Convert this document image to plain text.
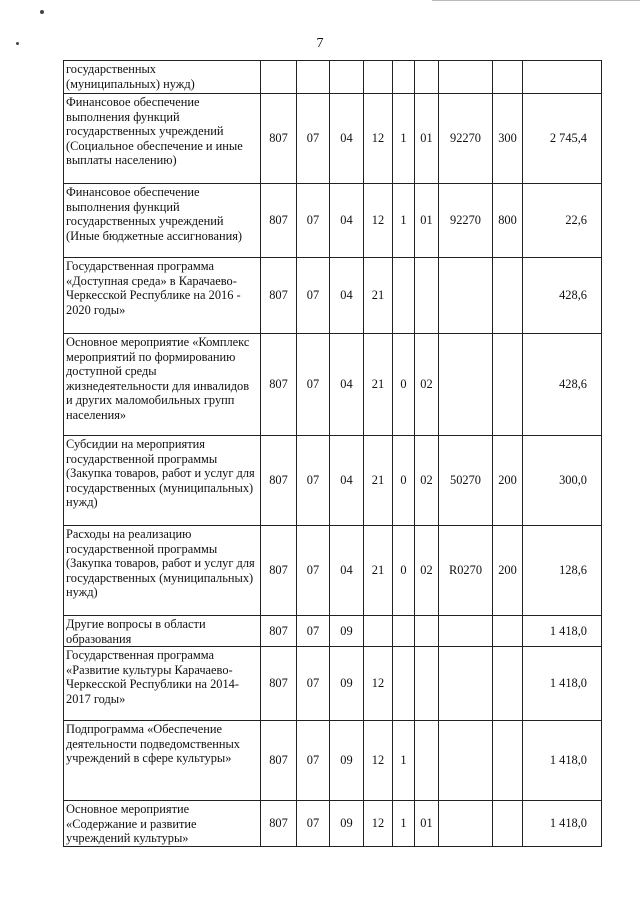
7
государственных
(муниципальных) нужд)									
Финансовое обеспечение выполнения функций государственных учреждений (Социальное обеспечение и иные выплаты населению)	807	07	04	12	1	01	92270	300	2 745,4
Финансовое обеспечение выполнения функций государственных учреждений (Иные бюджетные ассигнования)	807	07	04	12	1	01	92270	800	22,6
Государственная программа «Доступная среда» в Карачаево-Черкесской Республике на 2016 - 2020 годы»	807	07	04	21					428,6
Основное мероприятие «Комплекс мероприятий по формированию доступной среды жизнедеятельности для инвалидов и других маломобильных групп населения»	807	07	04	21	0	02			428,6
Субсидии на мероприятия государственной программы (Закупка товаров, работ и услуг для государственных (муниципальных) нужд)	807	07	04	21	0	02	50270	200	300,0
Расходы на реализацию государственной программы (Закупка товаров, работ и услуг для государственных (муниципальных) нужд)	807	07	04	21	0	02	R0270	200	128,6
Другие вопросы в области образования	807	07	09						1 418,0
Государственная программа «Развитие культуры Карачаево-Черкесской Республики на 2014-2017 годы»	807	07	09	12					1 418,0
Подпрограмма «Обеспечение деятельности подведомственных учреждений в сфере культуры»	807	07	09	12	1				1 418,0
Основное мероприятие «Содержание и развитие учреждений культуры»	807	07	09	12	1	01			1 418,0
